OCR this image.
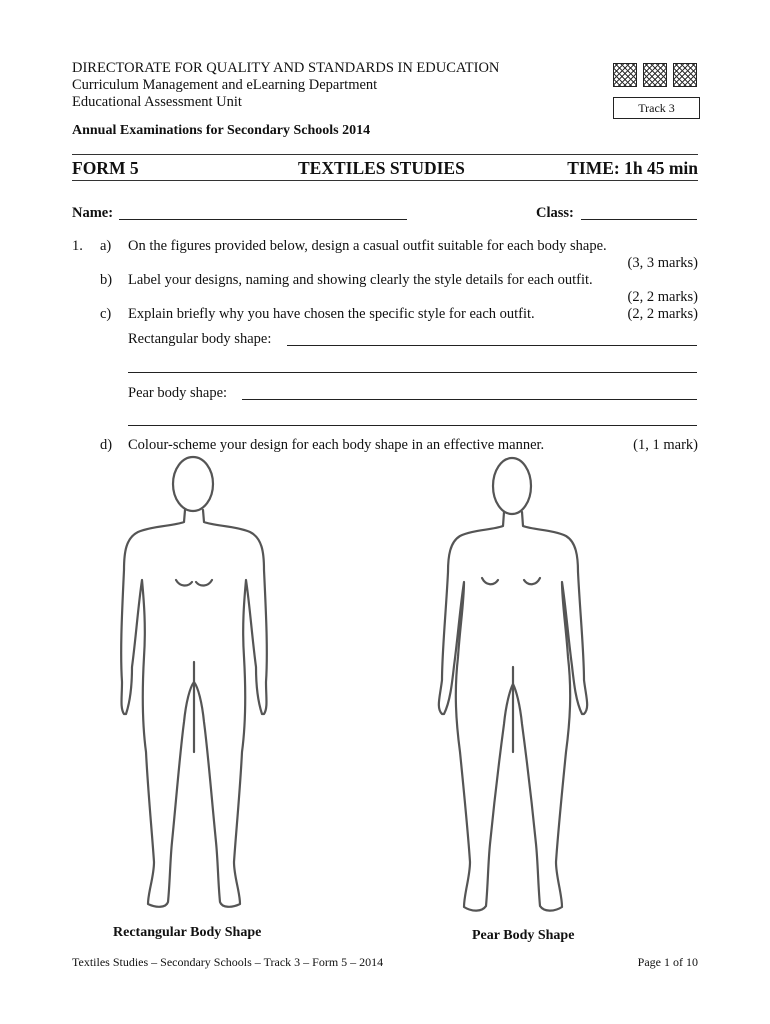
DIRECTORATE FOR QUALITY AND STANDARDS IN EDUCATION
Curriculum Management and eLearning Department
Educational Assessment Unit	Track 3
Annual Examinations for Secondary Schools 2014
FORM 5	TEXTILES STUDIES	TIME: 1h 45 min
Name:	Class:
1. a) On the figures provided below, design a casual outfit suitable for each body shape.
(3, 3 marks)
b) Label your designs, naming and showing clearly the style details for each outfit.
(2, 2 marks)
c) Explain briefly why you have chosen the specific style for each outfit.	(2, 2 marks)
Rectangular body shape:
Pear body shape:
d) Colour-scheme your design for each body shape in an effective manner.	(1, 1 mark)
Rectangular Body Shape	Pear Body Shape
Textiles Studies – Secondary Schools – Track 3 – Form 5 – 2014	Page 1 of 10
